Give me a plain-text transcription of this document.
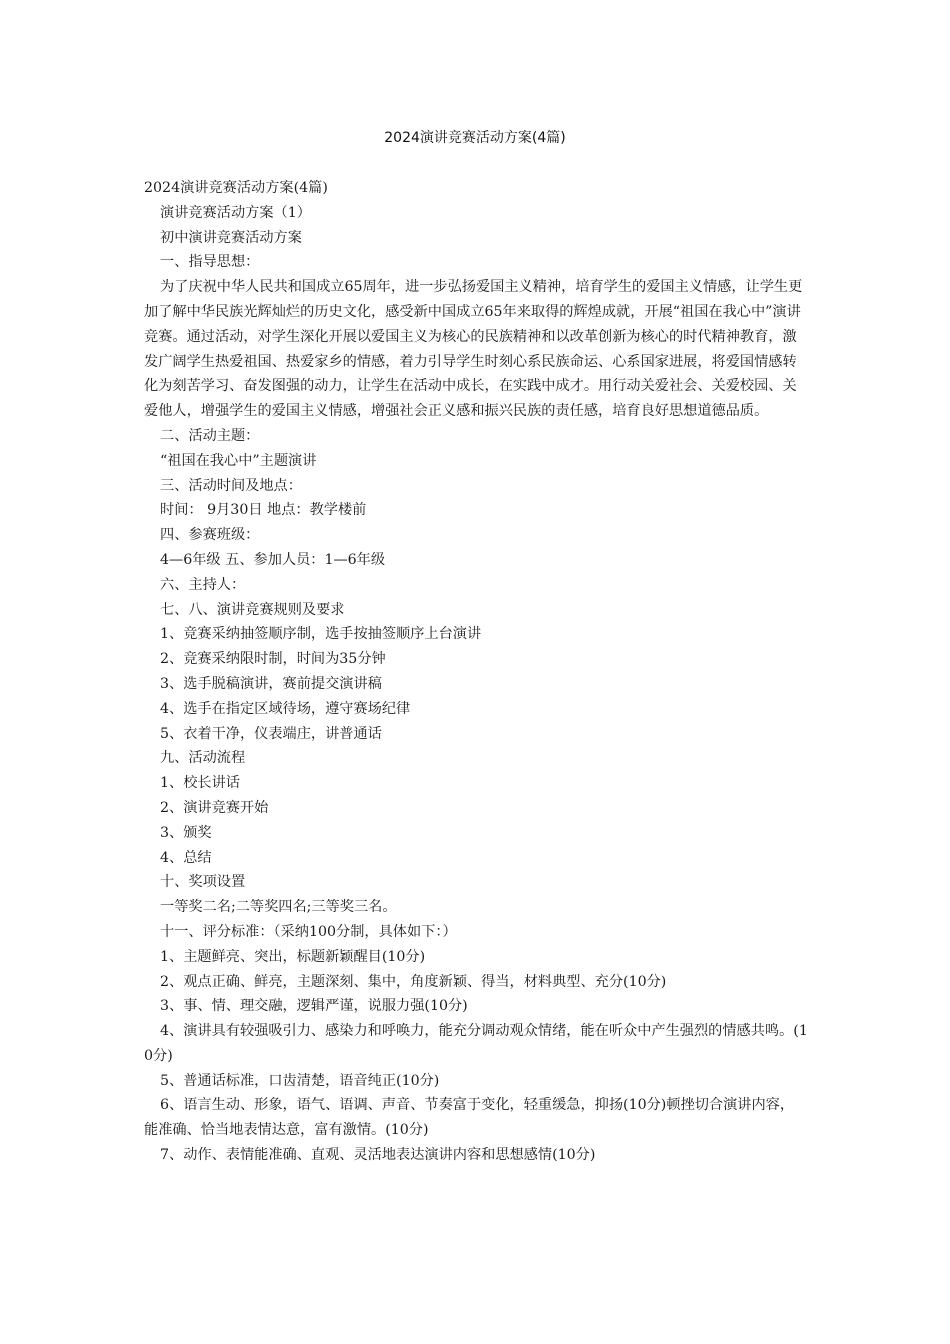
2024演讲竞赛活动方案(4篇)

2024演讲竞赛活动方案(4篇)

演讲竞赛活动方案（1）

初中演讲竞赛活动方案

一、指导思想：

为了庆祝中华人民共和国成立65周年，进一步弘扬爱国主义精神，培育学生的爱国主义情感，让学生更加了解中华民族光辉灿烂的历史文化，感受新中国成立65年来取得的辉煌成就，开展“祖国在我心中”演讲竞赛。通过活动，对学生深化开展以爱国主义为核心的民族精神和以改革创新为核心的时代精神教育，激发广阔学生热爱祖国、热爱家乡的情感，着力引导学生时刻心系民族命运、心系国家进展，将爱国情感转化为刻苦学习、奋发图强的动力，让学生在活动中成长，在实践中成才。用行动关爱社会、关爱校园、关爱他人，增强学生的爱国主义情感，增强社会正义感和振兴民族的责任感，培育良好思想道德品质。

二、活动主题：

“祖国在我心中”主题演讲

三、活动时间及地点：

时间： 9月30日 地点：教学楼前

四、参赛班级：

4—6年级 五、参加人员：1—6年级

六、主持人：

七、八、演讲竞赛规则及要求

1、竞赛采纳抽签顺序制，选手按抽签顺序上台演讲

2、竞赛采纳限时制，时间为35分钟

3、选手脱稿演讲，赛前提交演讲稿

4、选手在指定区域待场，遵守赛场纪律

5、衣着干净，仪表端庄，讲普通话

九、活动流程

1、校长讲话

2、演讲竞赛开始

3、颁奖

4、总结

十、奖项设置

一等奖二名;二等奖四名;三等奖三名。

十一、评分标准：（采纳100分制，具体如下：）

1、主题鲜亮、突出，标题新颖醒目(10分)

2、观点正确、鲜亮，主题深刻、集中，角度新颖、得当，材料典型、充分(10分)

3、事、情、理交融，逻辑严谨，说服力强(10分)

4、演讲具有较强吸引力、感染力和呼唤力，能充分调动观众情绪，能在听众中产生强烈的情感共鸣。(10分)

5、普通话标准，口齿清楚，语音纯正(10分)

6、语言生动、形象，语气、语调、声音、节奏富于变化，轻重缓急，抑扬(10分)顿挫切合演讲内容，能准确、恰当地表情达意，富有激情。(10分)

7、动作、表情能准确、直观、灵活地表达演讲内容和思想感情(10分)
